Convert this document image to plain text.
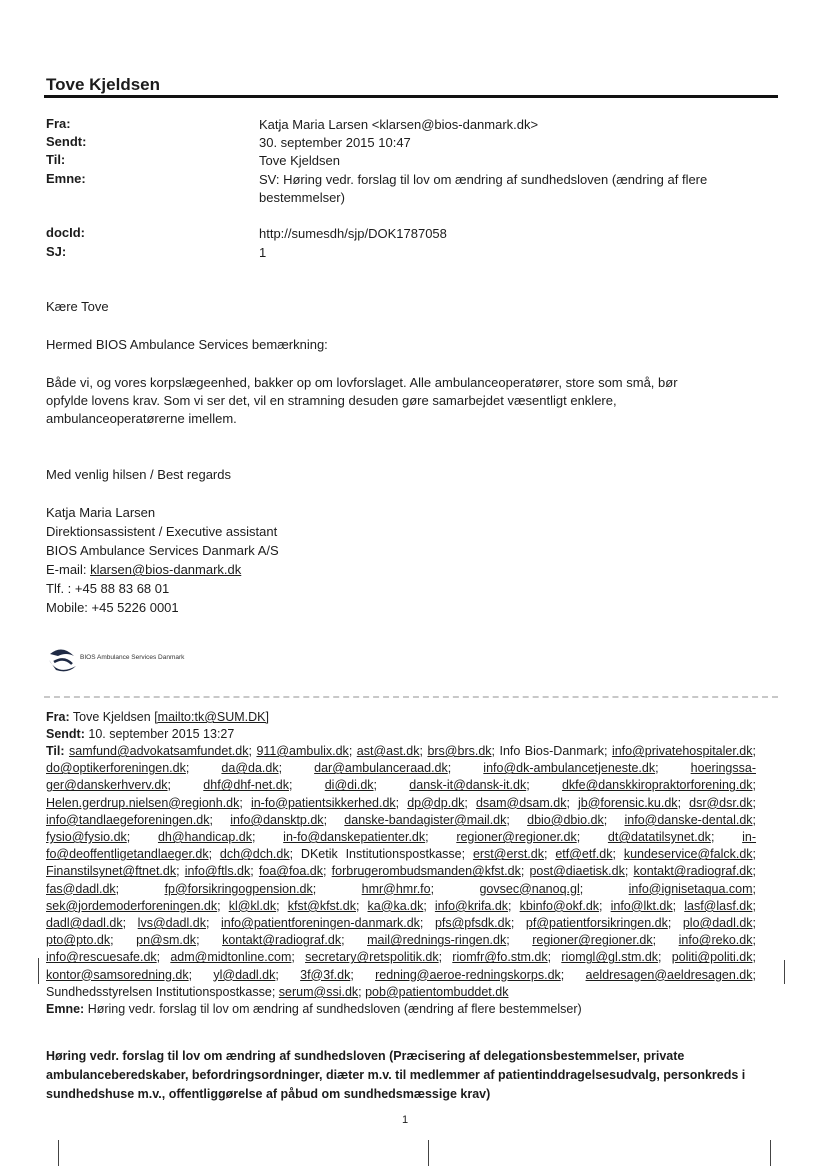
Tove Kjeldsen
Fra:	Katja Maria Larsen <klarsen@bios-danmark.dk>
Sendt:	30. september 2015 10:47
Til:	Tove Kjeldsen
Emne:	SV: Høring vedr. forslag til lov om ændring af sundhedsloven (ændring af flere bestemmelser)
docId:	http://sumesdh/sjp/DOK1787058
SJ:	1
Kære Tove
Hermed BIOS Ambulance Services bemærkning:
Både vi, og vores korpslægeenhed, bakker op om lovforslaget. Alle ambulanceoperatører, store som små, bør opfylde lovens krav. Som vi ser det, vil en stramning desuden gøre samarbejdet væsentligt enklere, ambulanceoperatørerne imellem.
Med venlig hilsen / Best regards
Katja Maria Larsen
Direktionsassistent / Executive assistant
BIOS Ambulance Services Danmark A/S
E-mail: klarsen@bios-danmark.dk
Tlf. : +45 88 83 68 01
Mobile: +45 5226 0001
BIOS Ambulance Services Danmark
Fra: Tove Kjeldsen [mailto:tk@SUM.DK]
Sendt: 10. september 2015 13:27
Til: samfund@advokatsamfundet.dk; 911@ambulix.dk; ast@ast.dk; brs@brs.dk; Info Bios-Danmark; info@privatehospitaler.dk; do@optikerforeningen.dk; da@da.dk; dar@ambulanceraad.dk; info@dk-ambulancetjeneste.dk; hoeringssa-ger@danskerhverv.dk; dhf@dhf-net.dk; di@di.dk; dansk-it@dansk-it.dk; dkfe@danskkiropraktorforening.dk; Helen.gerdrup.nielsen@regionh.dk; in-fo@patientsikkerhed.dk; dp@dp.dk; dsam@dsam.dk; jb@forensic.ku.dk; dsr@dsr.dk; info@tandlaegeforeningen.dk; info@dansktp.dk; danske-bandagister@mail.dk; dbio@dbio.dk; info@danske-dental.dk; fysio@fysio.dk; dh@handicap.dk; in-fo@danskepatienter.dk; regioner@regioner.dk; dt@datatilsynet.dk; in-fo@deoffentligetandlaeger.dk; dch@dch.dk; DKetik Institutionspostkasse; erst@erst.dk; etf@etf.dk; kundeservice@falck.dk; Finanstilsynet@ftnet.dk; info@ftls.dk; foa@foa.dk; forbrugerombudsmanden@kfst.dk; post@diaetisk.dk; kontakt@radiograf.dk; fas@dadl.dk; fp@forsikringogpension.dk; hmr@hmr.fo; govsec@nanoq.gl; info@ignisetaqua.com; sek@jordemoderforeningen.dk; kl@kl.dk; kfst@kfst.dk; ka@ka.dk; info@krifa.dk; kbinfo@okf.dk; info@lkt.dk; lasf@lasf.dk; dadl@dadl.dk; lvs@dadl.dk; info@patientforeningen-danmark.dk; pfs@pfsdk.dk; pf@patientforsikringen.dk; plo@dadl.dk; pto@pto.dk; pn@sm.dk; kontakt@radiograf.dk; mail@rednings-ringen.dk; regioner@regioner.dk; info@reko.dk; info@rescuesafe.dk; adm@midtonline.com; secretary@retspolitik.dk; riomfr@fo.stm.dk; riomgl@gl.stm.dk; politi@politi.dk; kontor@samsoredning.dk; yl@dadl.dk; 3f@3f.dk; redning@aeroe-redningskorps.dk; aeldresagen@aeldresagen.dk; Sundhedsstyrelsen Institutionspostkasse; serum@ssi.dk; pob@patientombuddet.dk
Emne: Høring vedr. forslag til lov om ændring af sundhedsloven (ændring af flere bestemmelser)
Høring vedr. forslag til lov om ændring af sundhedsloven (Præcisering af delegationsbestemmelser, private ambulanceberedskaber, befordringsordninger, diæter m.v. til medlemmer af patientinddragelsesudvalg, personkreds i sundhedshuse m.v., offentliggørelse af påbud om sundhedsmæssige krav)
1
